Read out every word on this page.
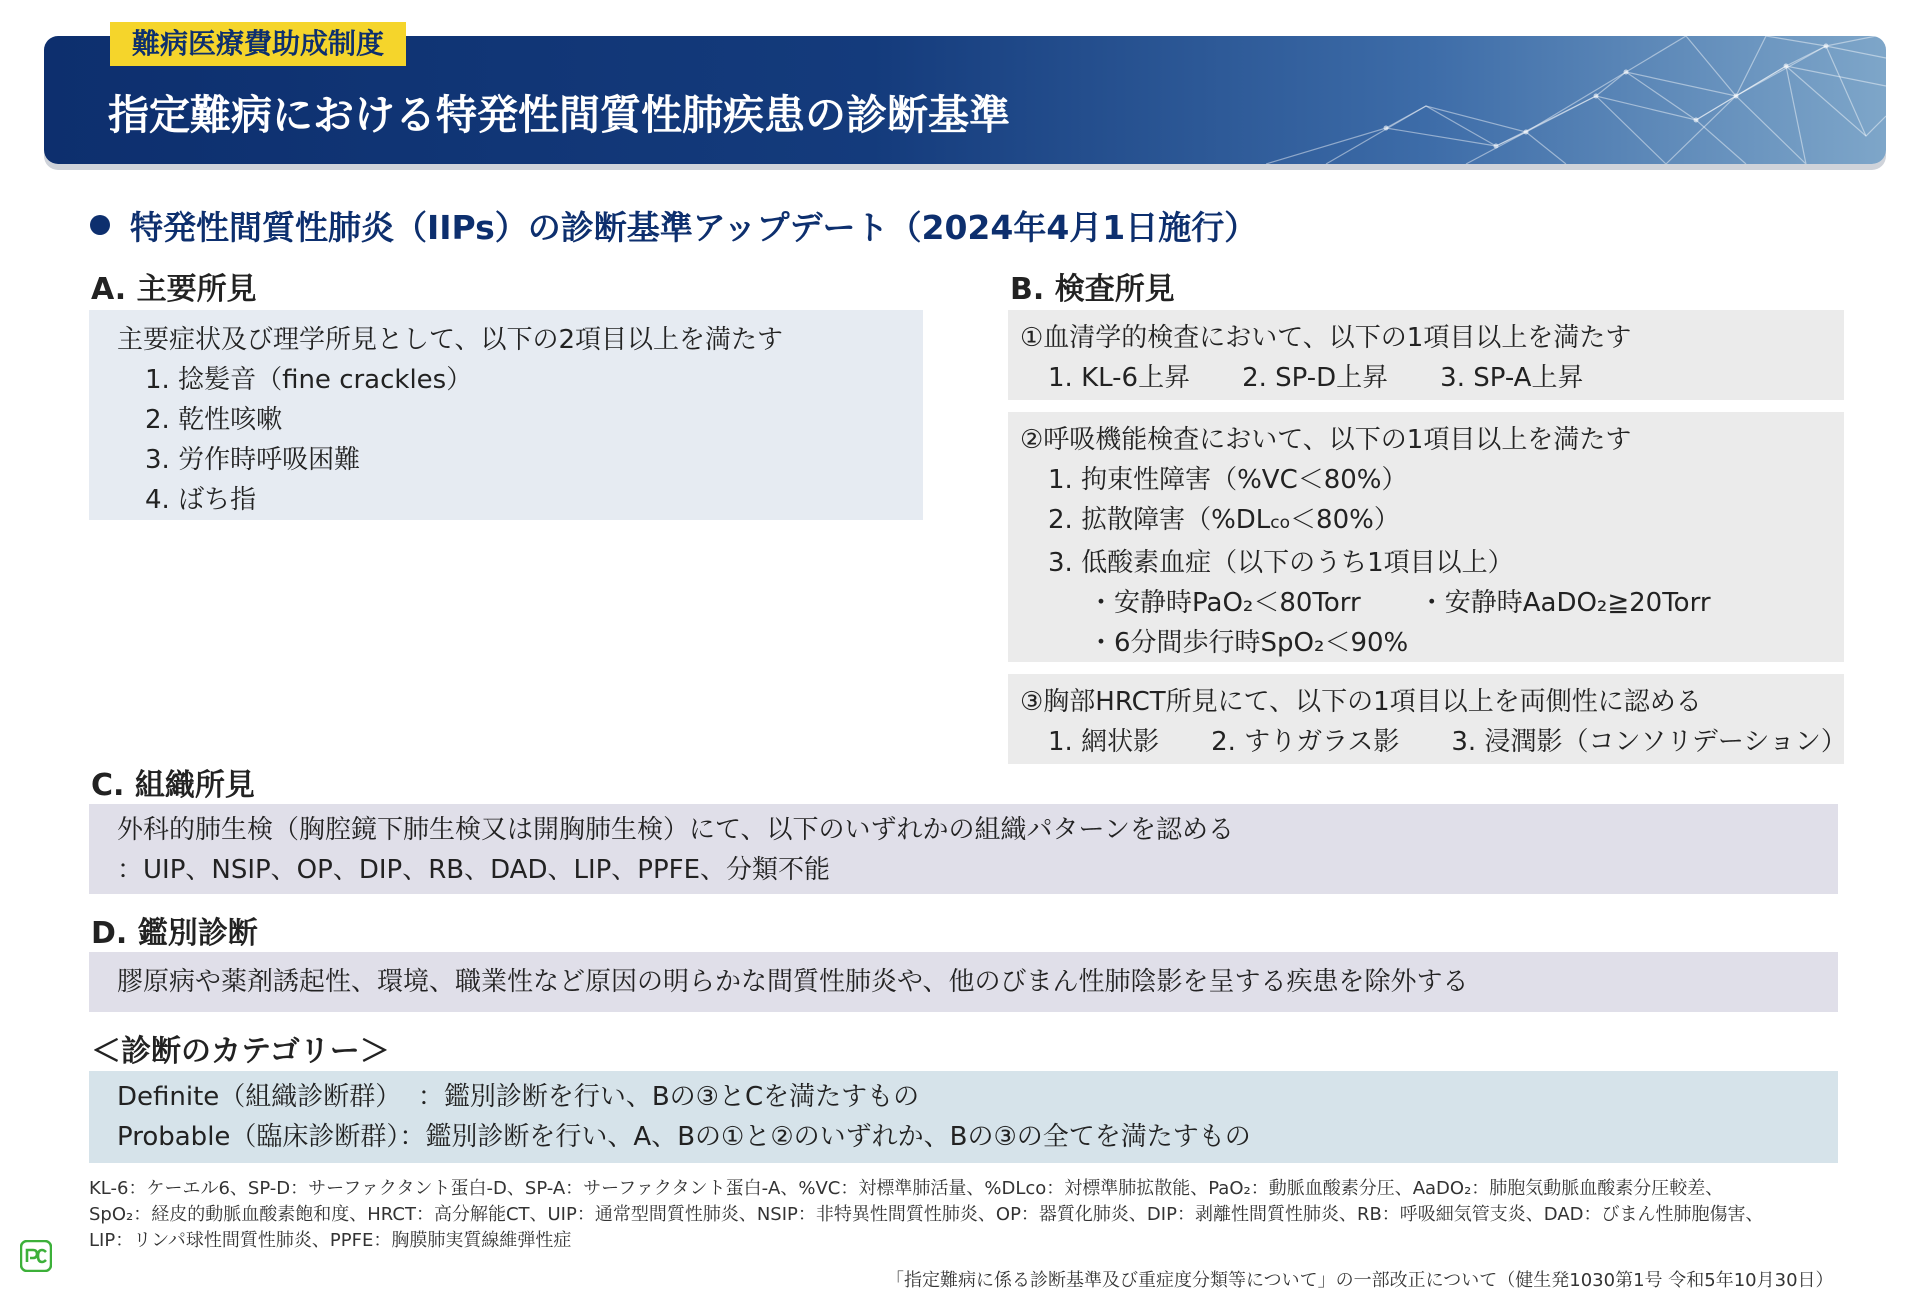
難病医療費助成制度
指定難病における特発性間質性肺疾患の診断基準
特発性間質性肺炎（IIPs）の診断基準アップデート（2024年4月1日施行）
A. 主要所見
主要症状及び理学所見として、以下の2項目以上を満たす
1. 捻髪音（fine crackles）
2. 乾性咳嗽
3. 労作時呼吸困難
4. ばち指
B. 検査所見
①血清学的検査において、以下の1項目以上を満たす
1. KL-6上昇 2. SP-D上昇 3. SP-A上昇
②呼吸機能検査において、以下の1項目以上を満たす
1. 拘束性障害（%VC＜80%）
2. 拡散障害（%DLco＜80%）
3. 低酸素血症（以下のうち1項目以上）
・安静時PaO₂＜80Torr ・安静時AaDO₂≧20Torr
・6分間歩行時SpO₂＜90%
③胸部HRCT所見にて、以下の1項目以上を両側性に認める
1. 網状影 2. すりガラス影 3. 浸潤影（コンソリデーション）
C. 組織所見
外科的肺生検（胸腔鏡下肺生検又は開胸肺生検）にて、以下のいずれかの組織パターンを認める
：UIP、NSIP、OP、DIP、RB、DAD、LIP、PPFE、分類不能
D. 鑑別診断
膠原病や薬剤誘起性、環境、職業性など原因の明らかな間質性肺炎や、他のびまん性肺陰影を呈する疾患を除外する
＜診断のカテゴリー＞
Definite（組織診断群）  ：鑑別診断を行い、Bの③とCを満たすもの
Probable（臨床診断群）：鑑別診断を行い、A、Bの①と②のいずれか、Bの③の全てを満たすもの
KL-6：ケーエル6、SP-D：サーファクタント蛋白-D、SP-A：サーファクタント蛋白-A、%VC：対標準肺活量、%DLco：対標準肺拡散能、PaO₂：動脈血酸素分圧、AaDO₂：肺胞気動脈血酸素分圧較差、
SpO₂：経皮的動脈血酸素飽和度、HRCT：高分解能CT、UIP：通常型間質性肺炎、NSIP：非特異性間質性肺炎、OP：器質化肺炎、DIP：剥離性間質性肺炎、RB：呼吸細気管支炎、DAD：びまん性肺胞傷害、
LIP：リンパ球性間質性肺炎、PPFE：胸膜肺実質線維弾性症
「指定難病に係る診断基準及び重症度分類等について」の一部改正について（健生発1030第1号 令和5年10月30日）
